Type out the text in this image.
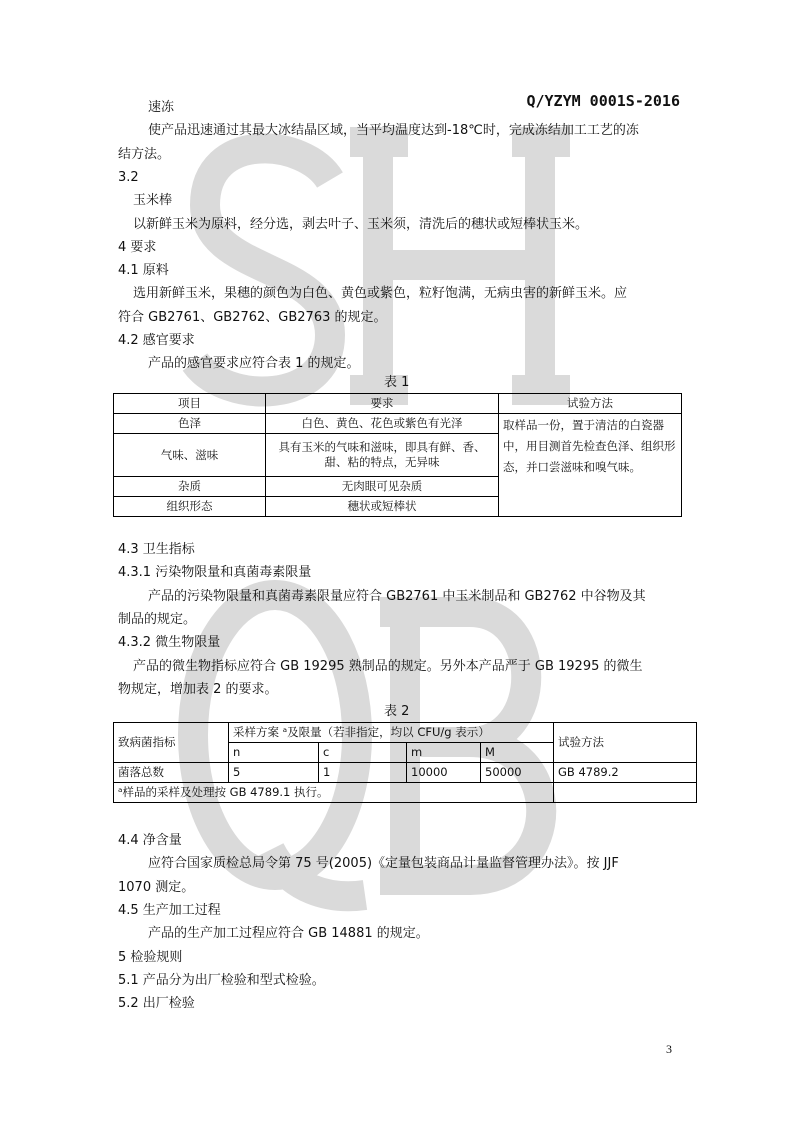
Q/YZYM 0001S-2016
速冻
使产品迅速通过其最大冰结晶区域，当平均温度达到-18℃时，完成冻结加工工艺的冻
结方法。
3.2
玉米棒
以新鲜玉米为原料，经分选，剥去叶子、玉米须，清洗后的穗状或短棒状玉米。
4 要求
4.1 原料
选用新鲜玉米，果穗的颜色为白色、黄色或紫色，粒籽饱满，无病虫害的新鲜玉米。应
符合 GB2761、GB2762、GB2763 的规定。
4.2 感官要求
产品的感官要求应符合表 1 的规定。
表 1
项目	要求	试验方法
色泽	白色、黄色、花色或紫色有光泽	取样品一份，置于清洁的白瓷器中，用目测首先检查色泽、组织形态，并口尝滋味和嗅气味。
气味、滋味	具有玉米的气味和滋味，即具有鲜、香、甜、粘的特点，无异味	
杂质	无肉眼可见杂质	
组织形态	穗状或短棒状	
4.3 卫生指标
4.3.1 污染物限量和真菌毒素限量
产品的污染物限量和真菌毒素限量应符合 GB2761 中玉米制品和 GB2762 中谷物及其
制品的规定。
4.3.2 微生物限量
产品的微生物指标应符合 GB 19295 熟制品的规定。另外本产品严于 GB 19295 的微生
物规定，增加表 2 的要求。
表 2
致病菌指标	采样方案 ᵃ及限量（若非指定，均以 CFU/g 表示）				试验方法
	n	c	m	M	
菌落总数	5	1	10000	50000	GB 4789.2
ᵃ样品的采样及处理按 GB 4789.1 执行。					
4.4 净含量
应符合国家质检总局令第 75 号(2005)《定量包装商品计量监督管理办法》。按 JJF
1070 测定。
4.5 生产加工过程
产品的生产加工过程应符合 GB 14881 的规定。
5 检验规则
5.1 产品分为出厂检验和型式检验。
5.2 出厂检验
3
